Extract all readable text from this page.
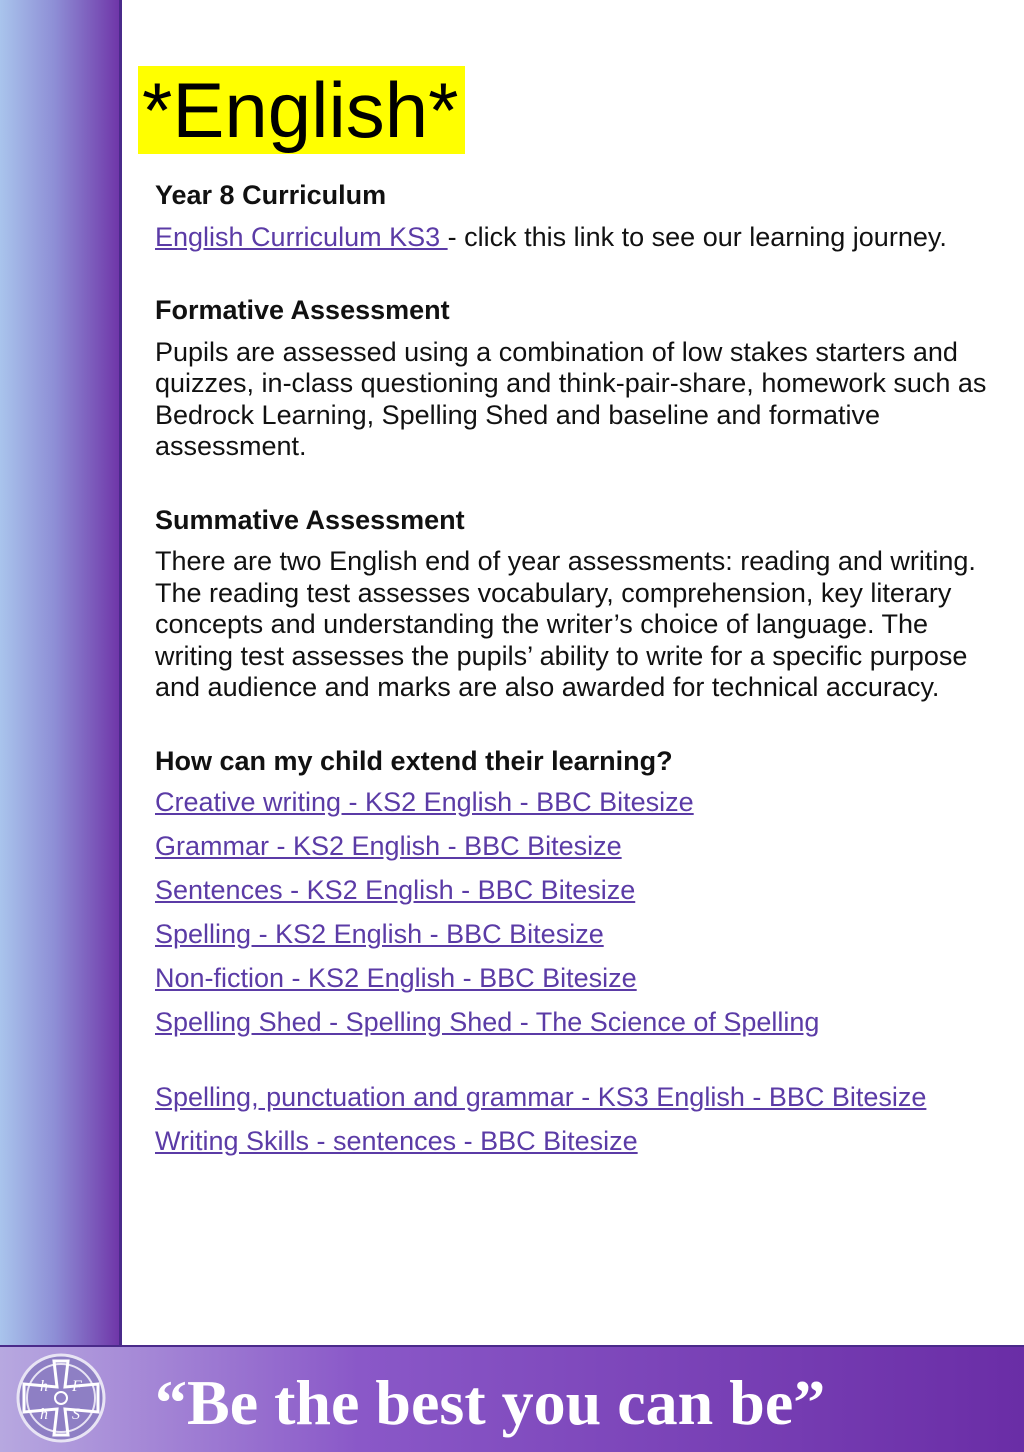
*English*

Year 8 Curriculum

English Curriculum KS3 - click this link to see our learning journey.

Formative Assessment

Pupils are assessed using a combination of low stakes starters and quizzes, in-class questioning and think-pair-share, homework such as Bedrock Learning, Spelling Shed and baseline and formative assessment.

Summative Assessment

There are two English end of year assessments: reading and writing. The reading test assesses vocabulary, comprehension, key literary concepts and understanding the writer’s choice of language. The writing test assesses the pupils’ ability to write for a specific purpose and audience and marks are also awarded for technical accuracy.

How can my child extend their learning?

Creative writing - KS2 English - BBC Bitesize
Grammar - KS2 English - BBC Bitesize
Sentences - KS2 English - BBC Bitesize
Spelling - KS2 English - BBC Bitesize
Non-fiction - KS2 English - BBC Bitesize
Spelling Shed - Spelling Shed - The Science of Spelling
Spelling, punctuation and grammar - KS3 English - BBC Bitesize
Writing Skills - sentences - BBC Bitesize
h F
h S “Be the best you can be”
